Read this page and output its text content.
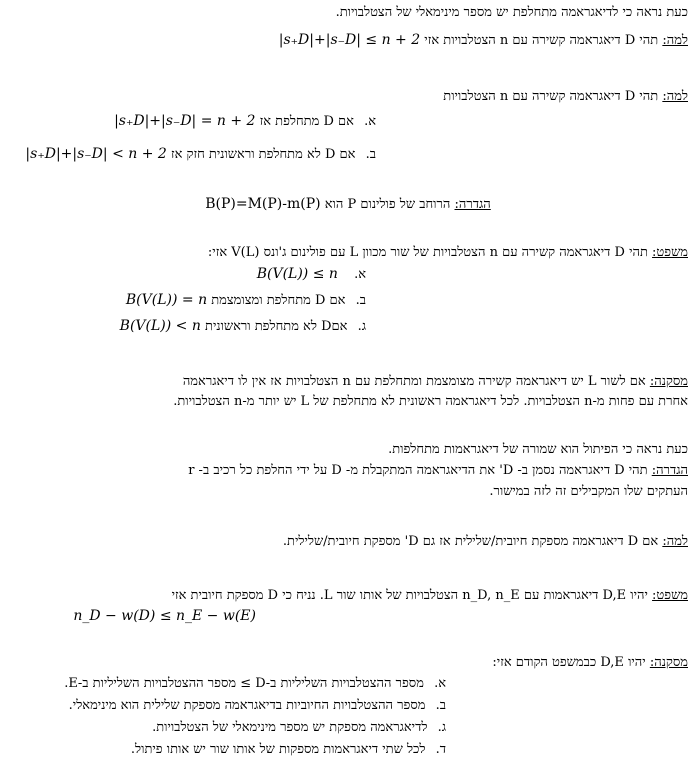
כעת נראה כי לדיאגראמה מתחלפת יש מספר מינימאלי של הצטלבויות.
למה: תהי D דיאגראמה קשירה עם n הצטלבויות אזי |s₊D|+|s₋D| ≤ n + 2
למה: תהי D דיאגראמה קשירה עם n הצטלבויות
א. אם D מתחלפת אז |s₊D|+|s₋D| = n + 2
ב. אם D לא מתחלפת וראשונית חזק אז |s₊D|+|s₋D| < n + 2
הגדרה: הרוחב של פולינום P הוא B(P)=M(P)-m(P)
משפט: תהי D דיאגראמה קשירה עם n הצטלבויות של שור מכוון L עם פולינום ג'ונס V(L) אזי:
א. B(V(L)) ≤ n
ב. אם D מתחלפת ומצומצמת B(V(L)) = n
ג. אםD לא מתחלפת וראשונית B(V(L)) < n
מסקנה: אם לשור L יש דיאגראמה קשירה מצומצמת ומתחלפת עם n הצטלבויות אז אין לו דיאגראמה
אחרת עם פחות מ-n הצטלבויות. לכל דיאגראמה ראשונית לא מתחלפת של L יש יותר מ-n הצטלבויות.
כעת נראה כי הפיתול הוא שמורה של דיאגראמות מתחלפות.
הגדרה: תהי D דיאגראמה נסמן ב- D' את הדיאגראמה המתקבלת מ- D על ידי החלפת כל רכיב ב- r
העתקים שלו המקבילים זה לזה במישור.
למה: אם D דיאגראמה מספקת חיובית/שלילית אז גם D' מספקת חיובית/שלילית.
משפט: יהיו D,E דיאגראמות עם n_D, n_E הצטלבויות של אותו שור L. נניח כי D מספקת חיובית אזי
n_D − w(D) ≤ n_E − w(E)
מסקנה: יהיו D,E כבמשפט הקודם אזי:
א. מספר ההצטלבויות השליליות ב-D ≥ מספר ההצטלבויות השליליות ב-E.
ב. מספר ההצטלבויות החיוביות בדיאגראמה מספקת שלילית הוא מינימאלי.
ג. לדיאגראמה מספקת יש מספר מינימאלי של הצטלבויות.
ד. לכל שתי דיאגראמות מספקות של אותו שור יש אותו פיתול.
